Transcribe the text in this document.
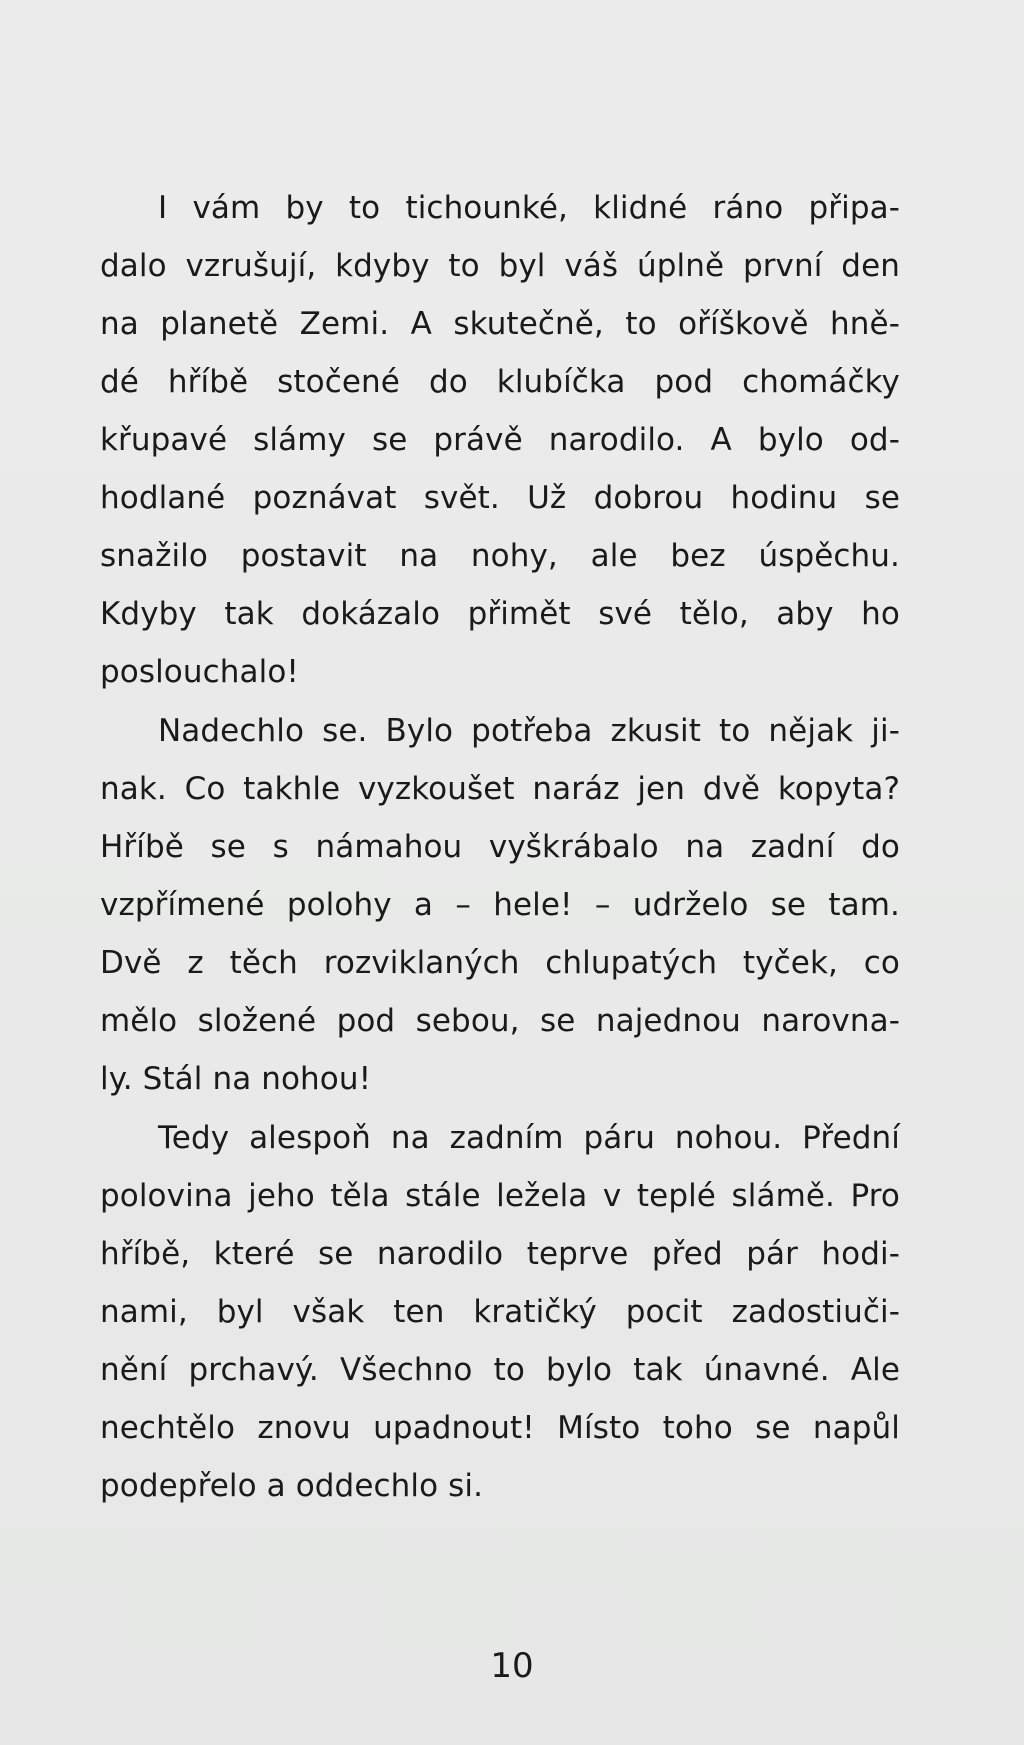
I vám by to tichounké, klidné ráno připa-
dalo vzrušují, kdyby to byl váš úplně první den
na planetě Zemi. A skutečně, to oříškově hně-
dé hříbě stočené do klubíčka pod chomáčky
křupavé slámy se právě narodilo. A bylo od-
hodlané poznávat svět. Už dobrou hodinu se
snažilo postavit na nohy, ale bez úspěchu.
Kdyby tak dokázalo přimět své tělo, aby ho
poslouchalo!
Nadechlo se. Bylo potřeba zkusit to nějak ji-
nak. Co takhle vyzkoušet naráz jen dvě kopyta?
Hříbě se s námahou vyškrábalo na zadní do
vzpřímené polohy a – hele! – udrželo se tam.
Dvě z těch rozviklaných chlupatých tyček, co
mělo složené pod sebou, se najednou narovna-
ly. Stál na nohou!
Tedy alespoň na zadním páru nohou. Přední
polovina jeho těla stále ležela v teplé slámě. Pro
hříbě, které se narodilo teprve před pár hodi-
nami, byl však ten kratičký pocit zadostiuči-
nění prchavý. Všechno to bylo tak únavné. Ale
nechtělo znovu upadnout! Místo toho se napůl
podepřelo a oddechlo si.
10
